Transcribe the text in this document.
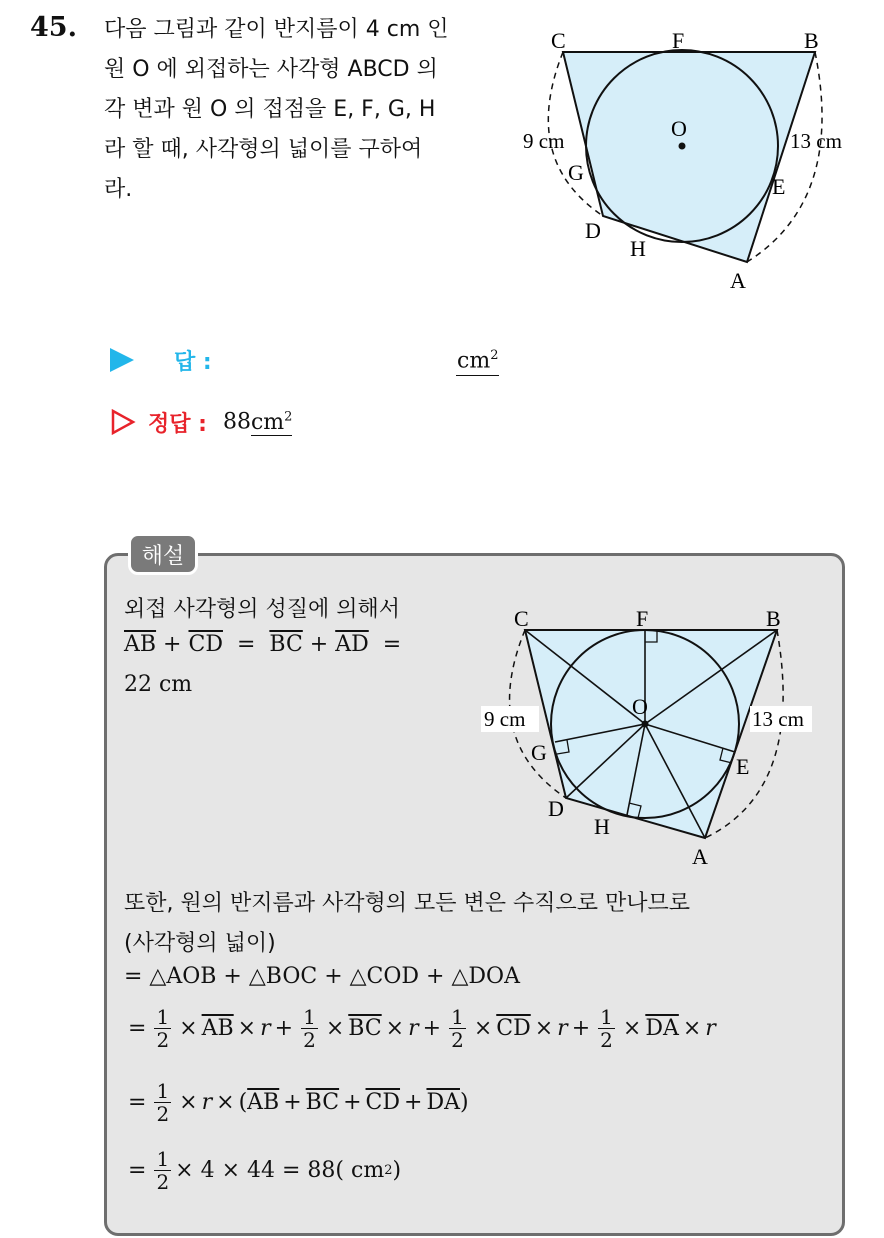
45. 다음 그림과 같이 반지름이 4 cm 인
원 O 에 외접하는 사각형 ABCD 의
각 변과 원 O 의 접점을 E, F, G, H
라 할 때, 사각형의 넓이를 구하여
라.
C	F	B
O
9 cm	13 cm
G
E
D
H
A
답 :	$cm^2$
정답 : $88cm^2$
해설
외접 사각형의 성질에 의해서
$\overline{AB} + \overline{CD} = \overline{BC} + \overline{AD}$  =
22 cm
C	F	B
O
9 cm	13 cm
G
E
D
H
A
또한, 원의 반지름과 사각형의 모든 변은 수직으로 만나므로
(사각형의 넓이)
= △AOB + △BOC + △COD + △DOA
= $\frac{1}{2} \times \overline{AB} \times r + \frac{1}{2} \times \overline{BC} \times r + \frac{1}{2} \times \overline{CD} \times r + \frac{1}{2} \times \overline{DA} \times r$
= $\frac{1}{2} \times r$ × ( $\overline{AB} + \overline{BC} + \overline{CD} + \overline{DA}$ )
= $\frac{1}{2} \times 4 \times 44 = 88$( cm 2 )
